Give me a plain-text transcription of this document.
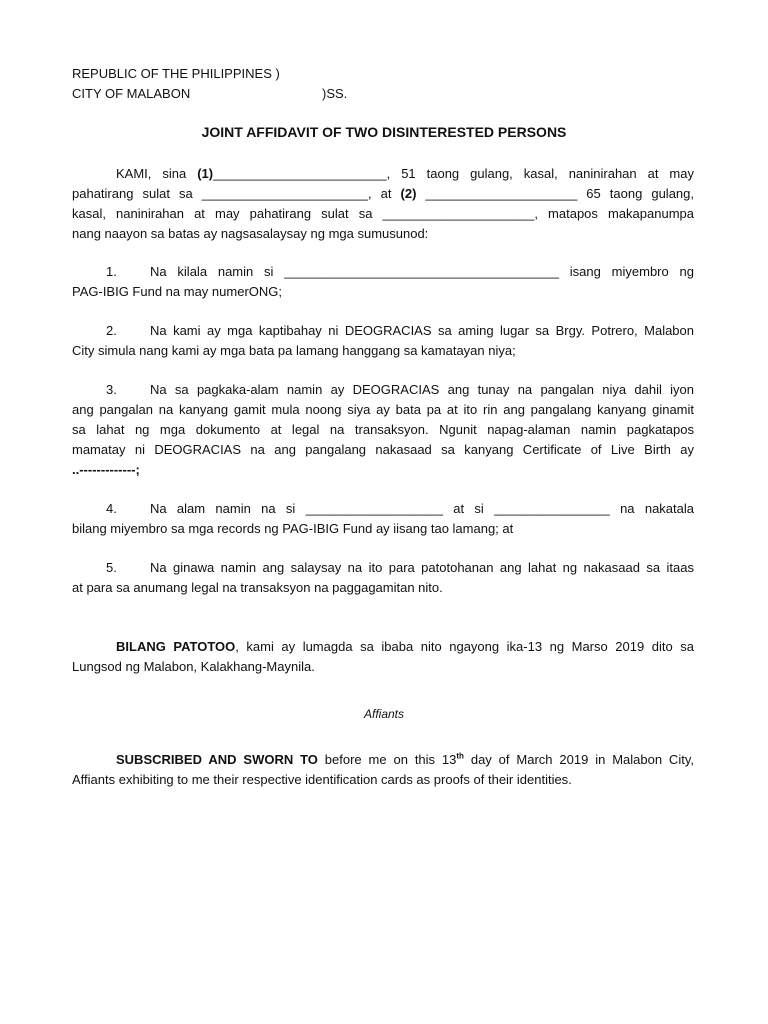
REPUBLIC OF THE PHILIPPINES )
CITY OF MALABON	)SS.
JOINT AFFIDAVIT OF TWO DISINTERESTED PERSONS
KAMI, sina (1)________________________, 51 taong gulang, kasal, naninirahan at may
pahatirang sulat sa _______________________, at (2) _____________________ 65 taong gulang,
kasal, naninirahan at may pahatirang sulat sa _____________________, matapos makapanumpa
nang naayon sa batas ay nagsasalaysay ng mga sumusunod:
1.	Na kilala namin si ______________________________________ isang miyembro ng
PAG-IBIG Fund na may numerONG;
2.	Na kami ay mga kaptibahay ni DEOGRACIAS sa aming lugar sa Brgy. Potrero, Malabon
City simula nang kami ay mga bata pa lamang hanggang sa kamatayan niya;
3.	Na sa pagkaka-alam namin ay DEOGRACIAS ang tunay na pangalan niya dahil iyon
ang pangalan na kanyang gamit mula noong siya ay bata pa at ito rin ang pangalang kanyang ginamit
sa lahat ng mga dokumento at legal na transaksyon. Ngunit napag-alaman namin pagkatapos
mamatay ni DEOGRACIAS na ang pangalang nakasaad sa kanyang Certificate of Live Birth ay
..-------------;
4.	Na alam namin na si ___________________ at si ________________ na nakatala
bilang miyembro sa mga records ng PAG-IBIG Fund ay iisang tao lamang; at
5.	Na ginawa namin ang salaysay na ito para patotohanan ang lahat ng nakasaad sa itaas
at para sa anumang legal na transaksyon na paggagamitan nito.
BILANG PATOTOO, kami ay lumagda sa ibaba nito ngayong ika-13 ng Marso 2019 dito sa
Lungsod ng Malabon, Kalakhang-Maynila.
Affiants
SUBSCRIBED AND SWORN TO before me on this 13th day of March 2019 in Malabon City,
Affiants exhibiting to me their respective identification cards as proofs of their identities.
